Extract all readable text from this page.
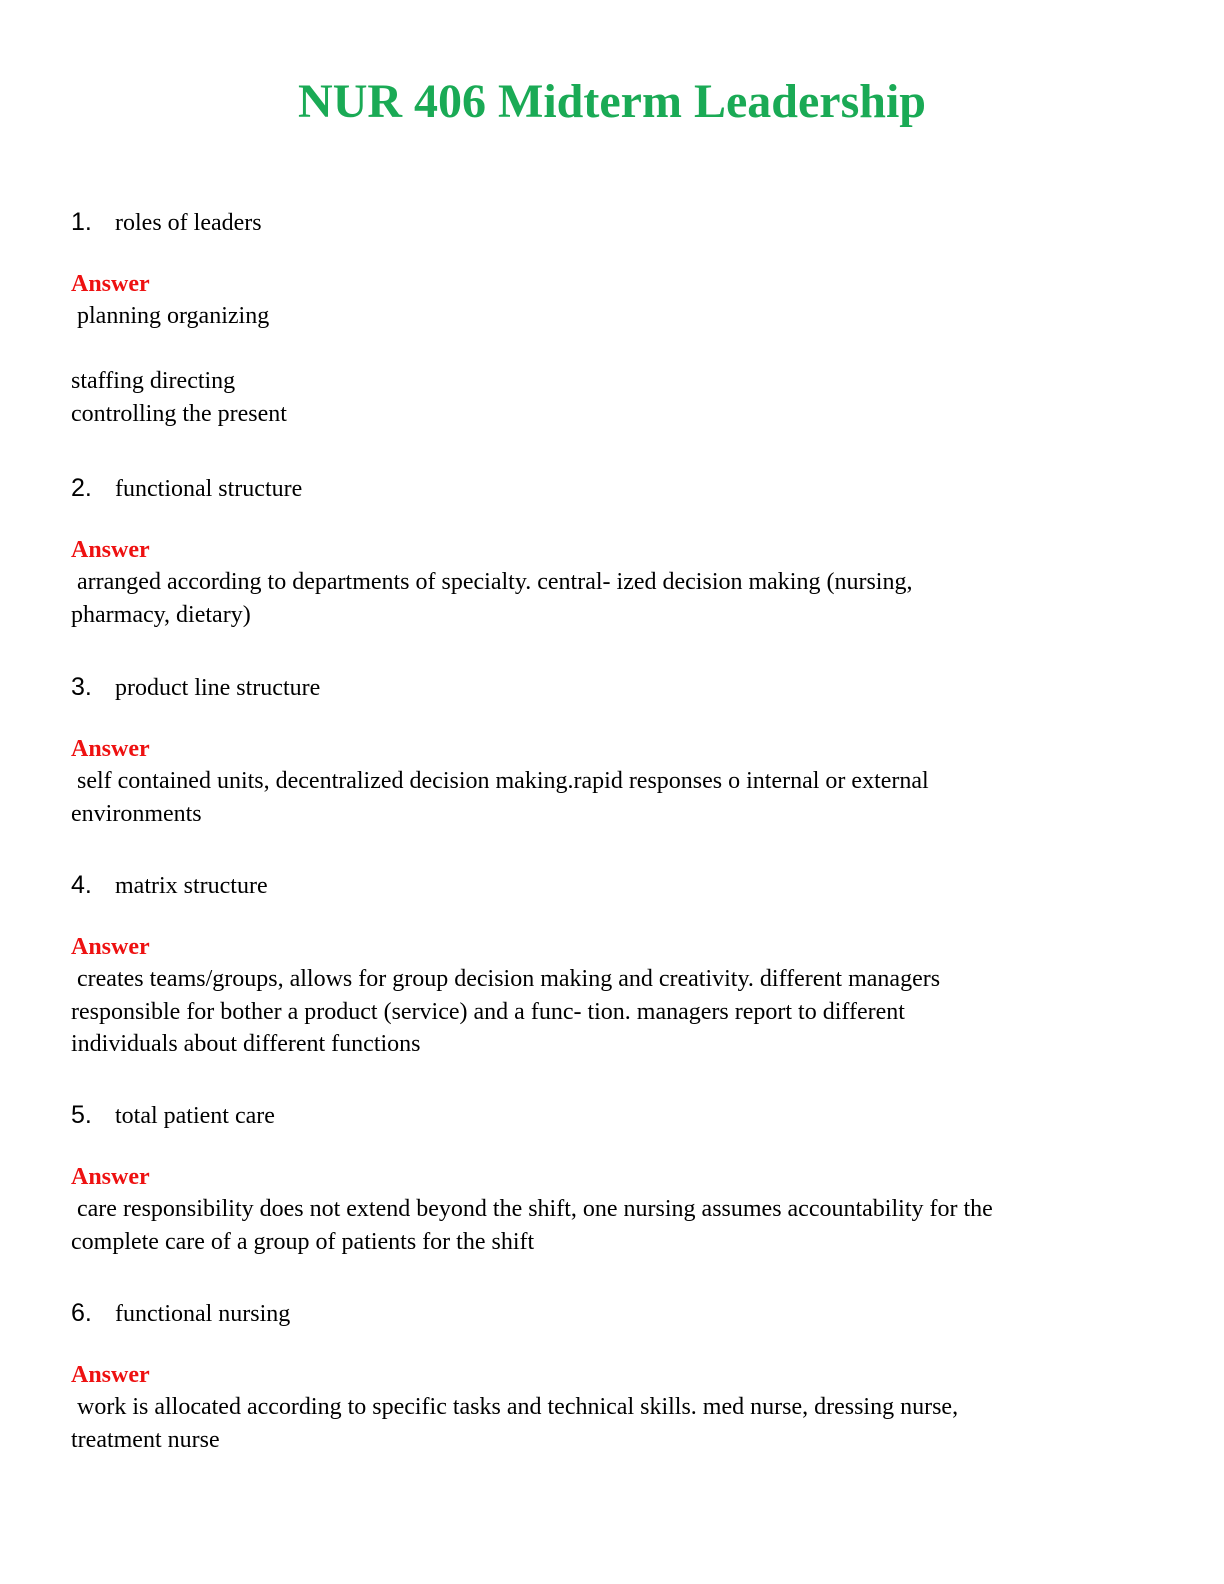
NUR 406 Midterm Leadership
1. roles of leaders
Answer
planning organizing
staffing directing
controlling the present
2. functional structure
Answer
arranged according to departments of specialty. central- ized decision making (nursing,
pharmacy, dietary)
3. product line structure
Answer
self contained units, decentralized decision making.rapid responses o internal or external
environments
4. matrix structure
Answer
creates teams/groups, allows for group decision making and creativity. different managers
responsible for bother a product (service) and a func- tion. managers report to different
individuals about different functions
5. total patient care
Answer
care responsibility does not extend beyond the shift, one nursing assumes accountability for the
complete care of a group of patients for the shift
6. functional nursing
Answer
work is allocated according to specific tasks and technical skills. med nurse, dressing nurse,
treatment nurse
